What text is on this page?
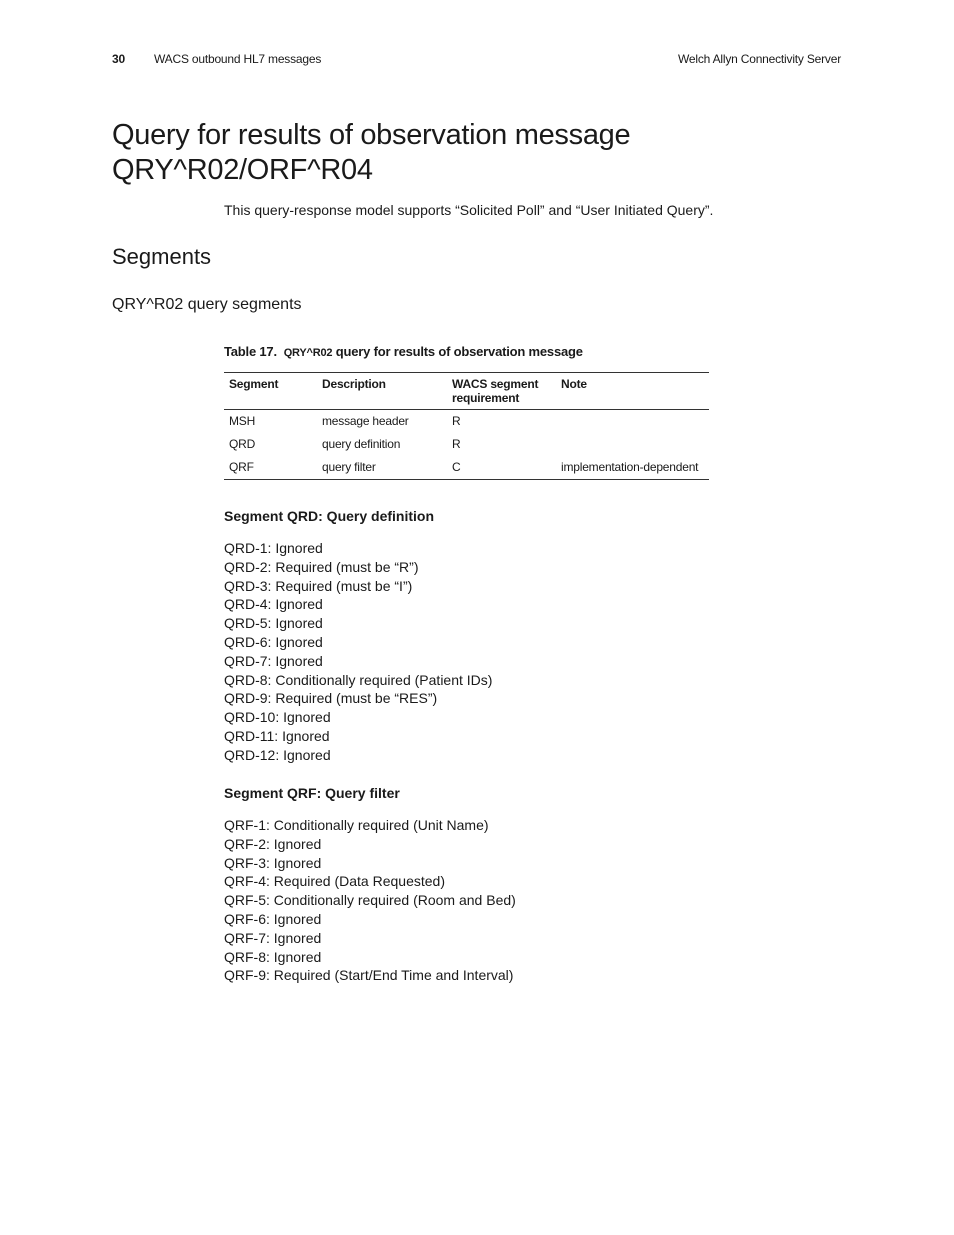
30 WACS outbound HL7 messages	Welch Allyn Connectivity Server
Query for results of observation message QRY^R02/ORF^R04

This query-response model supports “Solicited Poll” and “User Initiated Query”.

Segments
QRY^R02 query segments
Table 17. QRY^R02 query for results of observation message
Segment	Description	WACS segment requirement	Note
MSH	message header	R	
QRD	query definition	R	
QRF	query filter	C	implementation-dependent
Segment QRD: Query definition
QRD-1: Ignored
QRD-2: Required (must be “R”)
QRD-3: Required (must be “I”)
QRD-4: Ignored
QRD-5: Ignored
QRD-6: Ignored
QRD-7: Ignored
QRD-8: Conditionally required (Patient IDs)
QRD-9: Required (must be “RES”)
QRD-10: Ignored
QRD-11: Ignored
QRD-12: Ignored
Segment QRF: Query filter
QRF-1: Conditionally required (Unit Name)
QRF-2: Ignored
QRF-3: Ignored
QRF-4: Required (Data Requested)
QRF-5: Conditionally required (Room and Bed)
QRF-6: Ignored
QRF-7: Ignored
QRF-8: Ignored
QRF-9: Required (Start/End Time and Interval)
